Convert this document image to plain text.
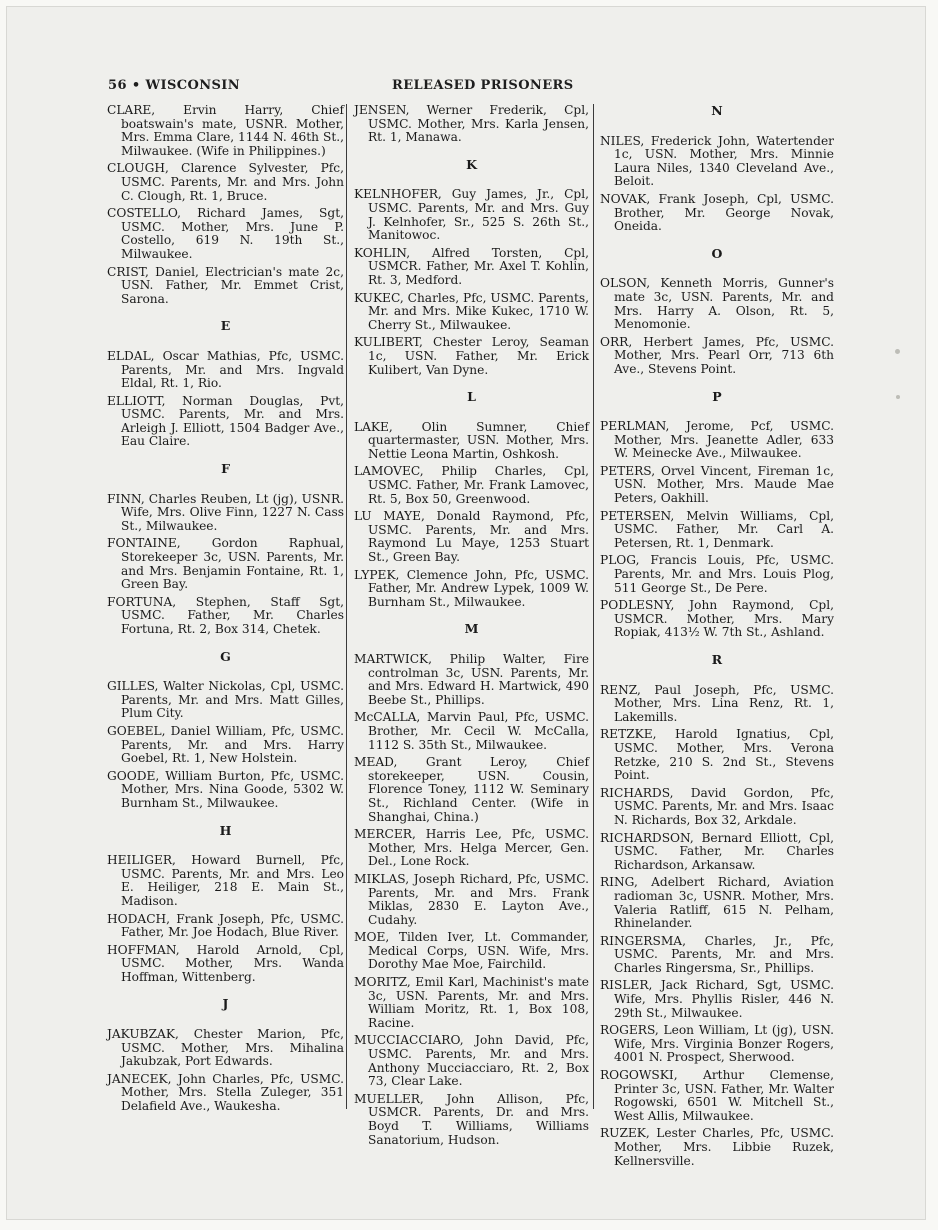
56 • WISCONSIN	RELEASED PRISONERS
CLARE, Ervin Harry, Chief boatswain's mate, USNR. Mother, Mrs. Emma Clare, 1144 N. 46th St., Milwaukee. (Wife in Philippines.)
CLOUGH, Clarence Sylvester, Pfc, USMC. Parents, Mr. and Mrs. John C. Clough, Rt. 1, Bruce.
COSTELLO, Richard James, Sgt, USMC. Mother, Mrs. June P. Costello, 619 N. 19th St., Milwaukee.
CRIST, Daniel, Electrician's mate 2c, USN. Father, Mr. Emmet Crist, Sarona.
E
ELDAL, Oscar Mathias, Pfc, USMC. Parents, Mr. and Mrs. Ingvald Eldal, Rt. 1, Rio.
ELLIOTT, Norman Douglas, Pvt, USMC. Parents, Mr. and Mrs. Arleigh J. Elliott, 1504 Badger Ave., Eau Claire.
F
FINN, Charles Reuben, Lt (jg), USNR. Wife, Mrs. Olive Finn, 1227 N. Cass St., Milwaukee.
FONTAINE, Gordon Raphual, Storekeeper 3c, USN. Parents, Mr. and Mrs. Benjamin Fontaine, Rt. 1, Green Bay.
FORTUNA, Stephen, Staff Sgt, USMC. Father, Mr. Charles Fortuna, Rt. 2, Box 314, Chetek.
G
GILLES, Walter Nickolas, Cpl, USMC. Parents, Mr. and Mrs. Matt Gilles, Plum City.
GOEBEL, Daniel William, Pfc, USMC. Parents, Mr. and Mrs. Harry Goebel, Rt. 1, New Holstein.
GOODE, William Burton, Pfc, USMC. Mother, Mrs. Nina Goode, 5302 W. Burnham St., Milwaukee.
H
HEILIGER, Howard Burnell, Pfc, USMC. Parents, Mr. and Mrs. Leo E. Heiliger, 218 E. Main St., Madison.
HODACH, Frank Joseph, Pfc, USMC. Father, Mr. Joe Hodach, Blue River.
HOFFMAN, Harold Arnold, Cpl, USMC. Mother, Mrs. Wanda Hoffman, Wittenberg.
J
JAKUBZAK, Chester Marion, Pfc, USMC. Mother, Mrs. Mihalina Jakubzak, Port Edwards.
JANECEK, John Charles, Pfc, USMC. Mother, Mrs. Stella Zuleger, 351 Delafield Ave., Waukesha.
JENSEN, Werner Frederik, Cpl, USMC. Mother, Mrs. Karla Jensen, Rt. 1, Manawa.
K
KELNHOFER, Guy James, Jr., Cpl, USMC. Parents, Mr. and Mrs. Guy J. Kelnhofer, Sr., 525 S. 26th St., Manitowoc.
KOHLIN, Alfred Torsten, Cpl, USMCR. Father, Mr. Axel T. Kohlin, Rt. 3, Medford.
KUKEC, Charles, Pfc, USMC. Parents, Mr. and Mrs. Mike Kukec, 1710 W. Cherry St., Milwaukee.
KULIBERT, Chester Leroy, Seaman 1c, USN. Father, Mr. Erick Kulibert, Van Dyne.
L
LAKE, Olin Sumner, Chief quartermaster, USN. Mother, Mrs. Nettie Leona Martin, Oshkosh.
LAMOVEC, Philip Charles, Cpl, USMC. Father, Mr. Frank Lamovec, Rt. 5, Box 50, Greenwood.
LU MAYE, Donald Raymond, Pfc, USMC. Parents, Mr. and Mrs. Raymond Lu Maye, 1253 Stuart St., Green Bay.
LYPEK, Clemence John, Pfc, USMC. Father, Mr. Andrew Lypek, 1009 W. Burnham St., Milwaukee.
M
MARTWICK, Philip Walter, Fire controlman 3c, USN. Parents, Mr. and Mrs. Edward H. Martwick, 490 Beebe St., Phillips.
McCALLA, Marvin Paul, Pfc, USMC. Brother, Mr. Cecil W. McCalla, 1112 S. 35th St., Milwaukee.
MEAD, Grant Leroy, Chief storekeeper, USN. Cousin, Florence Toney, 1112 W. Seminary St., Richland Center. (Wife in Shanghai, China.)
MERCER, Harris Lee, Pfc, USMC. Mother, Mrs. Helga Mercer, Gen. Del., Lone Rock.
MIKLAS, Joseph Richard, Pfc, USMC. Parents, Mr. and Mrs. Frank Miklas, 2830 E. Layton Ave., Cudahy.
MOE, Tilden Iver, Lt. Commander, Medical Corps, USN. Wife, Mrs. Dorothy Mae Moe, Fairchild.
MORITZ, Emil Karl, Machinist's mate 3c, USN. Parents, Mr. and Mrs. William Moritz, Rt. 1, Box 108, Racine.
MUCCIACCIARO, John David, Pfc, USMC. Parents, Mr. and Mrs. Anthony Mucciacciaro, Rt. 2, Box 73, Clear Lake.
MUELLER, John Allison, Pfc, USMCR. Parents, Dr. and Mrs. Boyd T. Williams, Williams Sanatorium, Hudson.
N
NILES, Frederick John, Watertender 1c, USN. Mother, Mrs. Minnie Laura Niles, 1340 Cleveland Ave., Beloit.
NOVAK, Frank Joseph, Cpl, USMC. Brother, Mr. George Novak, Oneida.
O
OLSON, Kenneth Morris, Gunner's mate 3c, USN. Parents, Mr. and Mrs. Harry A. Olson, Rt. 5, Menomonie.
ORR, Herbert James, Pfc, USMC. Mother, Mrs. Pearl Orr, 713 6th Ave., Stevens Point.
P
PERLMAN, Jerome, Pcf, USMC. Mother, Mrs. Jeanette Adler, 633 W. Meinecke Ave., Milwaukee.
PETERS, Orvel Vincent, Fireman 1c, USN. Mother, Mrs. Maude Mae Peters, Oakhill.
PETERSEN, Melvin Williams, Cpl, USMC. Father, Mr. Carl A. Petersen, Rt. 1, Denmark.
PLOG, Francis Louis, Pfc, USMC. Parents, Mr. and Mrs. Louis Plog, 511 George St., De Pere.
PODLESNY, John Raymond, Cpl, USMCR. Mother, Mrs. Mary Ropiak, 413½ W. 7th St., Ashland.
R
RENZ, Paul Joseph, Pfc, USMC. Mother, Mrs. Lina Renz, Rt. 1, Lakemills.
RETZKE, Harold Ignatius, Cpl, USMC. Mother, Mrs. Verona Retzke, 210 S. 2nd St., Stevens Point.
RICHARDS, David Gordon, Pfc, USMC. Parents, Mr. and Mrs. Isaac N. Richards, Box 32, Arkdale.
RICHARDSON, Bernard Elliott, Cpl, USMC. Father, Mr. Charles Richardson, Arkansaw.
RING, Adelbert Richard, Aviation radioman 3c, USNR. Mother, Mrs. Valeria Ratliff, 615 N. Pelham, Rhinelander.
RINGERSMA, Charles, Jr., Pfc, USMC. Parents, Mr. and Mrs. Charles Ringersma, Sr., Phillips.
RISLER, Jack Richard, Sgt, USMC. Wife, Mrs. Phyllis Risler, 446 N. 29th St., Milwaukee.
ROGERS, Leon William, Lt (jg), USN. Wife, Mrs. Virginia Bonzer Rogers, 4001 N. Prospect, Sherwood.
ROGOWSKI, Arthur Clemense, Printer 3c, USN. Father, Mr. Walter Rogowski, 6501 W. Mitchell St., West Allis, Milwaukee.
RUZEK, Lester Charles, Pfc, USMC. Mother, Mrs. Libbie Ruzek, Kellnersville.
